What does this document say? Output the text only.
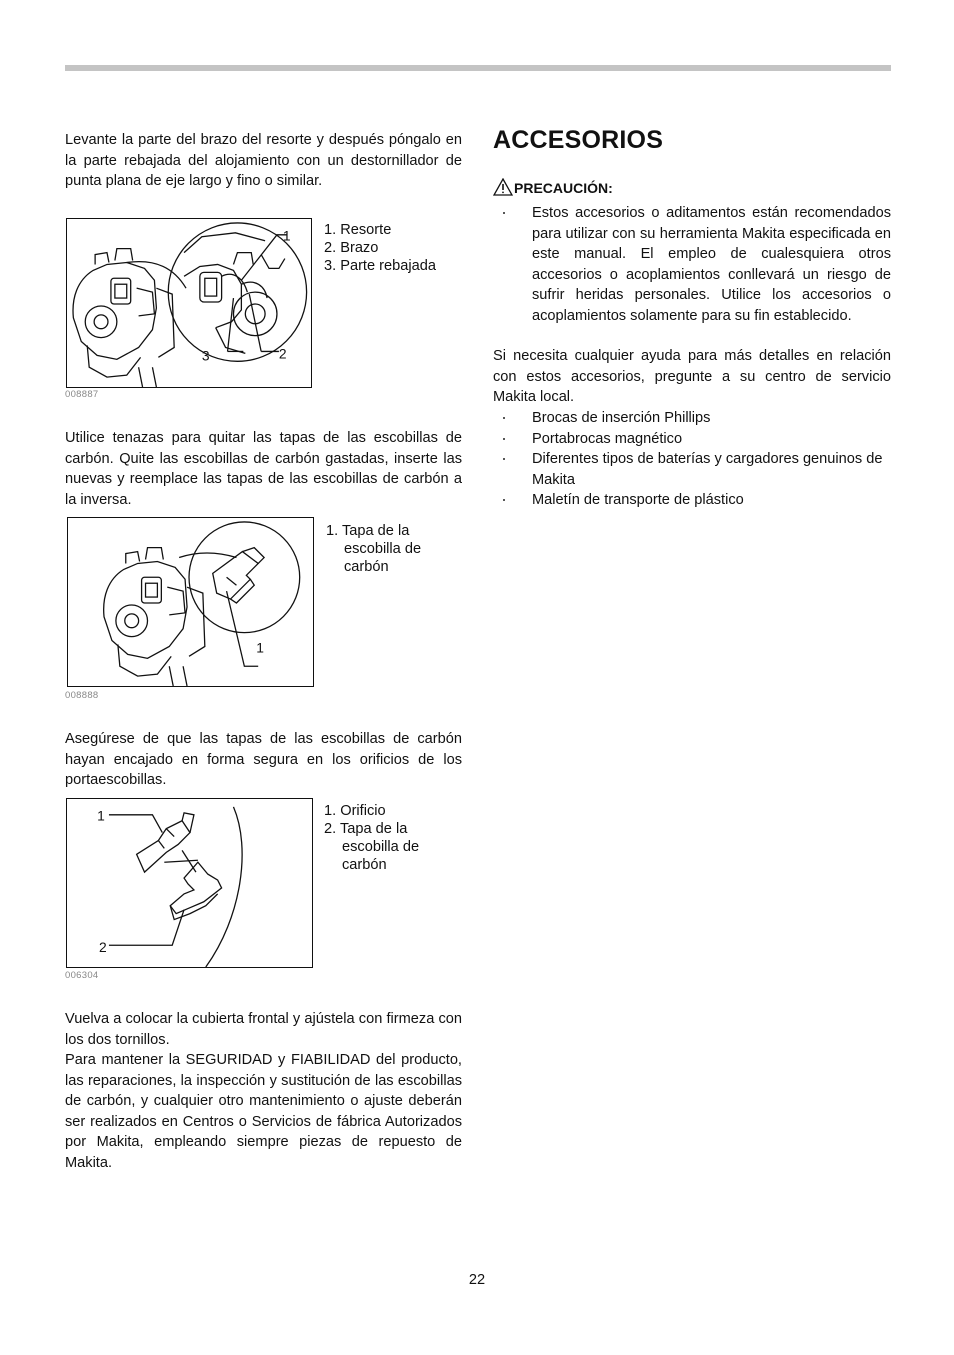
Levante la parte del brazo del resorte y después póngalo en la parte rebajada del alojamiento con un destornillador de punta plana de eje largo y fino o similar.

1
2
3
008887
1. Resorte
2. Brazo
3. Parte rebajada

Utilice tenazas para quitar las tapas de las escobillas de carbón. Quite las escobillas de carbón gastadas, inserte las nuevas y reemplace las tapas de las escobillas de carbón a la inversa.

1
008888
1. Tapa de la escobilla de carbón

Asegúrese de que las tapas de las escobillas de carbón hayan encajado en forma segura en los orificios de los portaescobillas.

1
2
006304
1. Orificio
2. Tapa de la escobilla de carbón

Vuelva a colocar la cubierta frontal y ajústela con firmeza con los dos tornillos.

Para mantener la SEGURIDAD y FIABILIDAD del producto, las reparaciones, la inspección y sustitución de las escobillas de carbón, y cualquier otro mantenimiento o ajuste deberán ser realizados en Centros o Servicios de fábrica Autorizados por Makita, empleando siempre piezas de repuesto de Makita.

ACCESORIOS
PRECAUCIÓN:
Estos accesorios o aditamentos están recomendados para utilizar con su herramienta Makita especificada en este manual. El empleo de cualesquiera otros accesorios o acoplamientos conllevará un riesgo de sufrir heridas personales. Utilice los accesorios o acoplamientos solamente para su fin establecido.

Si necesita cualquier ayuda para más detalles en relación con estos accesorios, pregunte a su centro de servicio Makita local.

Brocas de inserción Phillips
Portabrocas magnético
Diferentes tipos de baterías y cargadores genuinos de Makita
Maletín de transporte de plástico
22
